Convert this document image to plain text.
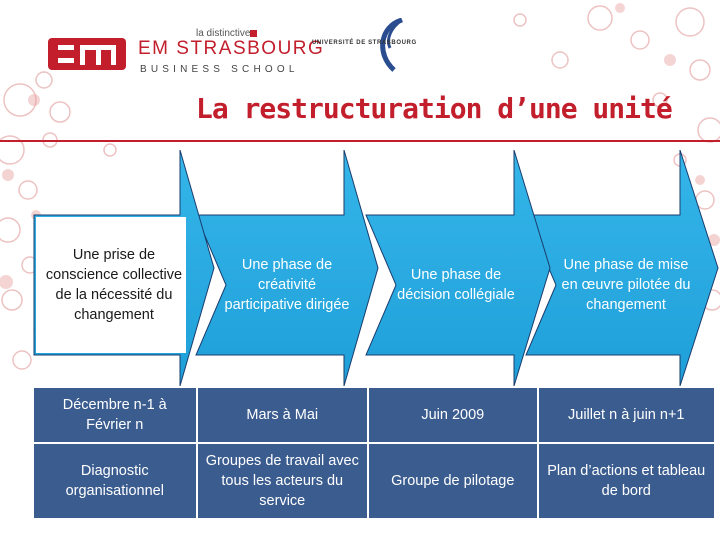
la distinctive
EM STRASBOURG
BUSINESS SCHOOL
UNIVERSITÉ DE STRASBOURG
La restructuration d’une unité
Une prise de conscience collective de la nécessité du changement
Une phase de créativité participative dirigée
Une phase de décision collégiale
Une phase de mise en œuvre pilotée du changement
Décembre n-1 à Février n
Mars à Mai	Juin 2009	Juillet n à juin n+1
Diagnostic organisationnel
Groupes de travail avec tous les acteurs du service
Groupe de pilotage
Plan d’actions et tableau de bord
